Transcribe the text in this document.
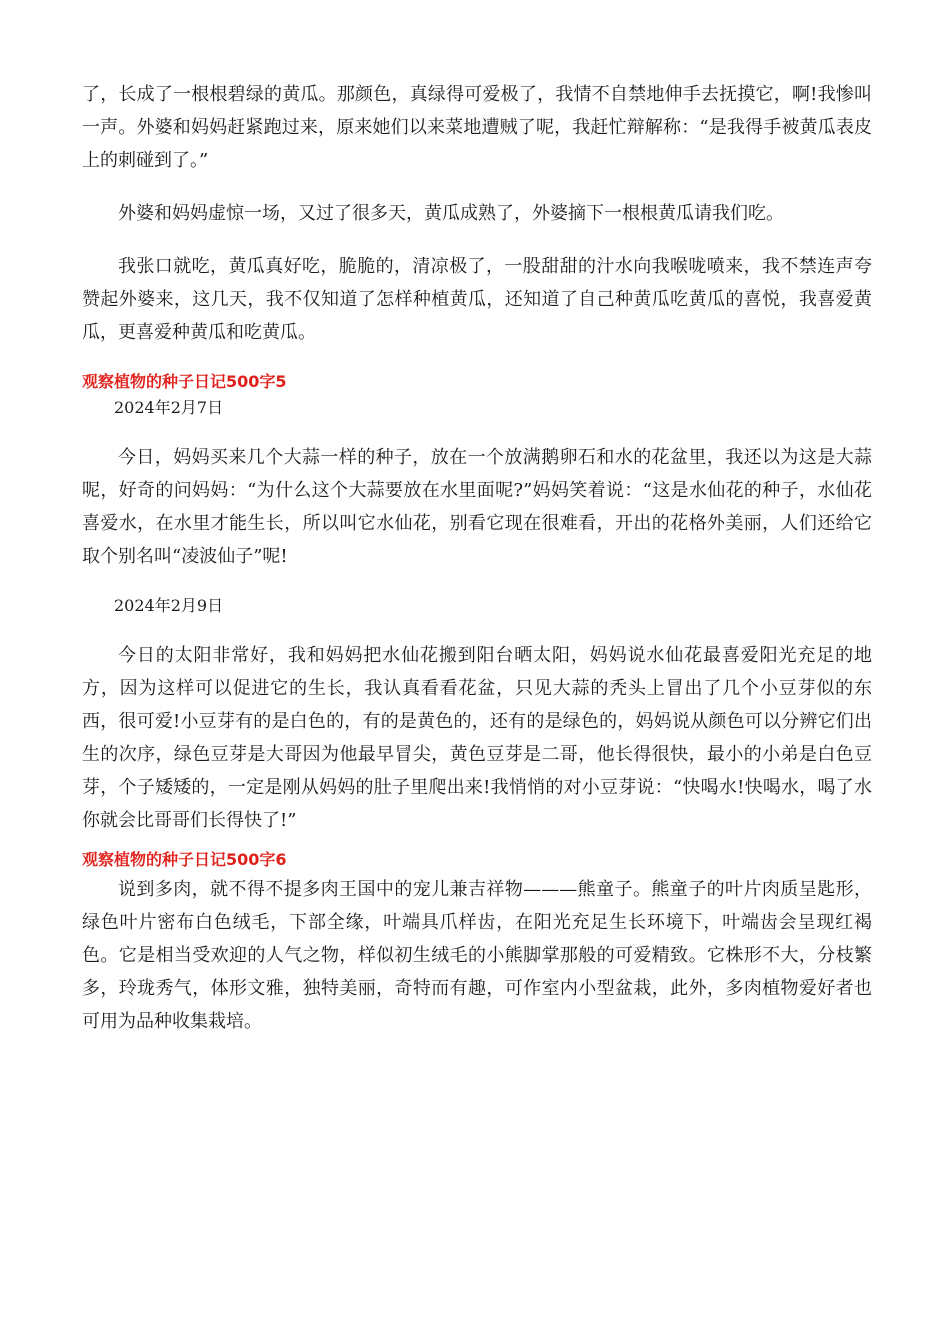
了，长成了一根根碧绿的黄瓜。那颜色，真绿得可爱极了，我情不自禁地伸手去抚摸它，啊!我惨叫一声。外婆和妈妈赶紧跑过来，原来她们以来菜地遭贼了呢，我赶忙辩解称：“是我得手被黄瓜表皮上的刺碰到了。”

外婆和妈妈虚惊一场，又过了很多天，黄瓜成熟了，外婆摘下一根根黄瓜请我们吃。

我张口就吃，黄瓜真好吃，脆脆的，清凉极了，一股甜甜的汁水向我喉咙喷来，我不禁连声夸赞起外婆来，这几天，我不仅知道了怎样种植黄瓜，还知道了自己种黄瓜吃黄瓜的喜悦，我喜爱黄瓜，更喜爱种黄瓜和吃黄瓜。

观察植物的种子日记500字5
2024年2月7日

今日，妈妈买来几个大蒜一样的种子，放在一个放满鹅卵石和水的花盆里，我还以为这是大蒜呢，好奇的问妈妈：“为什么这个大蒜要放在水里面呢?”妈妈笑着说：“这是水仙花的种子，水仙花喜爱水，在水里才能生长，所以叫它水仙花，别看它现在很难看，开出的花格外美丽，人们还给它取个别名叫“凌波仙子”呢!

2024年2月9日

今日的太阳非常好，我和妈妈把水仙花搬到阳台晒太阳，妈妈说水仙花最喜爱阳光充足的地方，因为这样可以促进它的生长，我认真看看花盆，只见大蒜的秃头上冒出了几个小豆芽似的东西，很可爱!小豆芽有的是白色的，有的是黄色的，还有的是绿色的，妈妈说从颜色可以分辨它们出生的次序，绿色豆芽是大哥因为他最早冒尖，黄色豆芽是二哥，他长得很快，最小的小弟是白色豆芽，个子矮矮的，一定是刚从妈妈的肚子里爬出来!我悄悄的对小豆芽说：“快喝水!快喝水，喝了水你就会比哥哥们长得快了!”

观察植物的种子日记500字6

说到多肉，就不得不提多肉王国中的宠儿兼吉祥物———熊童子。熊童子的叶片肉质呈匙形，绿色叶片密布白色绒毛，下部全缘，叶端具爪样齿，在阳光充足生长环境下，叶端齿会呈现红褐色。它是相当受欢迎的人气之物，样似初生绒毛的小熊脚掌那般的可爱精致。它株形不大，分枝繁多，玲珑秀气，体形文雅，独特美丽，奇特而有趣，可作室内小型盆栽，此外，多肉植物爱好者也可用为品种收集栽培。
